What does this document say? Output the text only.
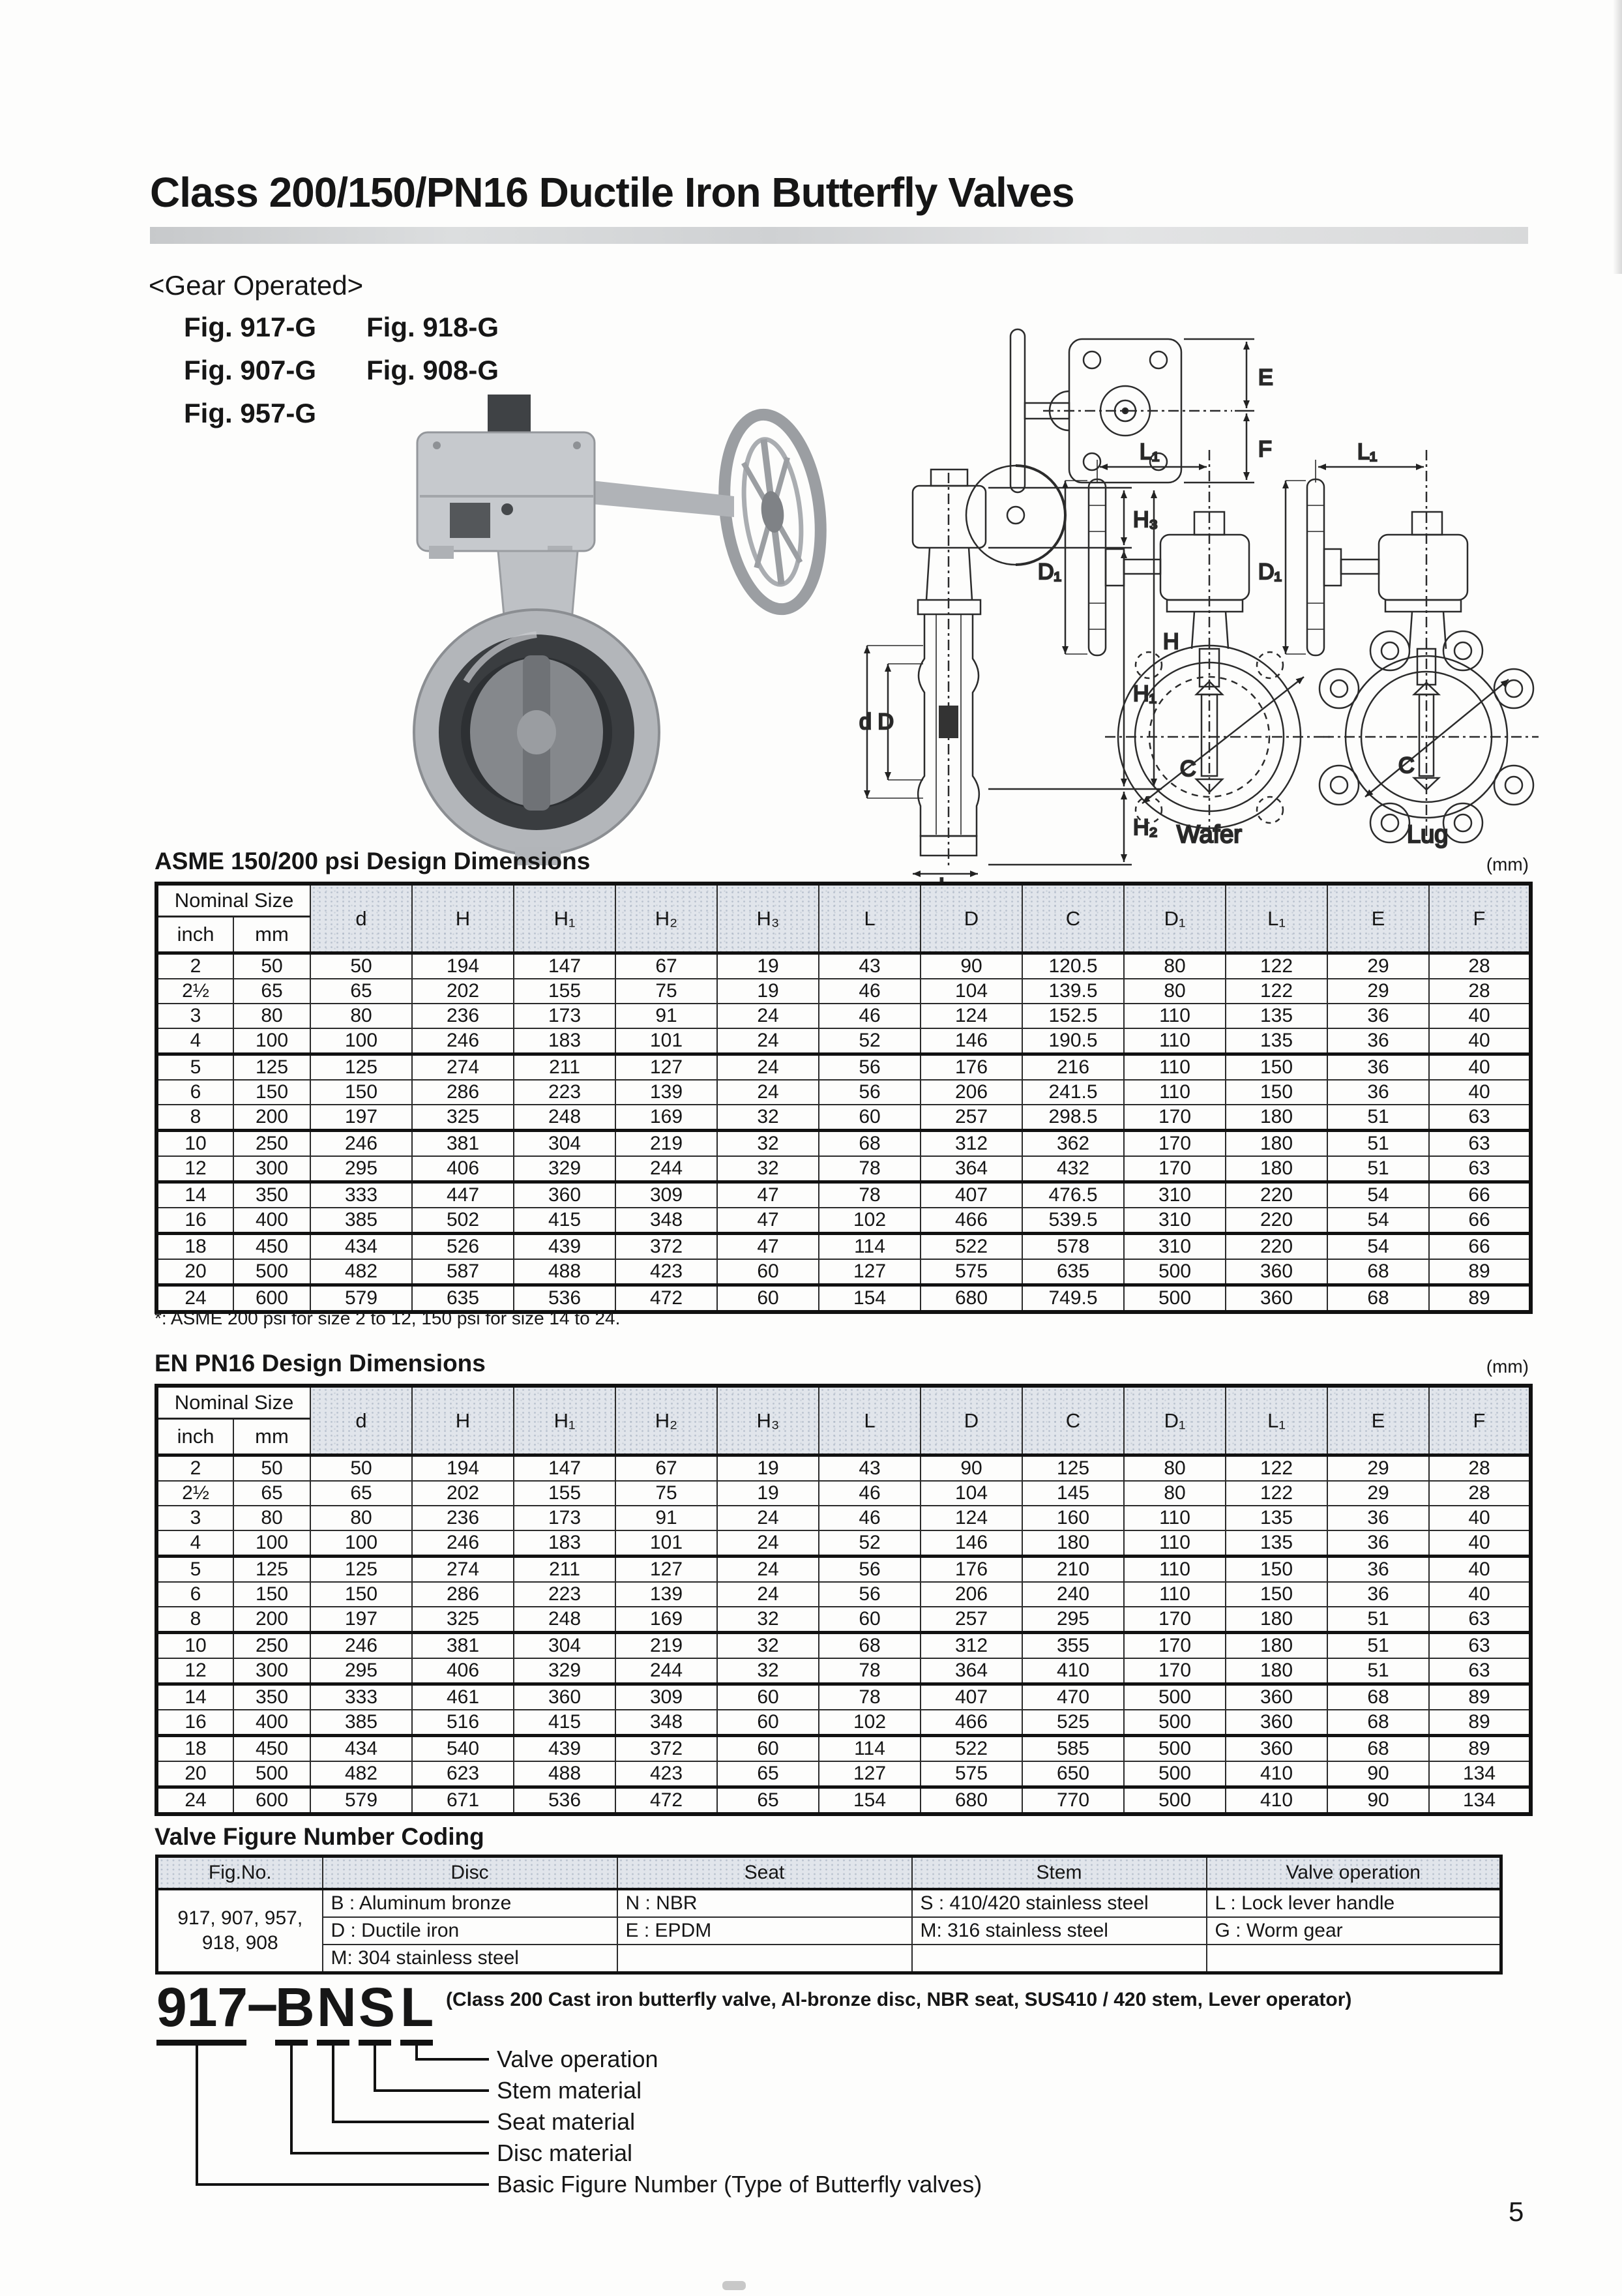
Class 200/150/PN16 Ductile Iron Butterfly Valves
<Gear Operated>
Fig. 917-G
Fig. 907-G
Fig. 957-G
Fig. 918-G
Fig. 908-G	E
F
H₃
H
H₁
H₂
d D
L₁
D₁
C
Wafer
L₁
D₁
C
Lug
ASME 150/200 psi Design Dimensions	(mm)
Nominal Size		d	H	H₁	H₂	H₃	L	D	C	D₁	L₁	E	F
inch	mm												
2	50	50	194	147	67	19	43	90	120.5	80	122	29	28
2½	65	65	202	155	75	19	46	104	139.5	80	122	29	28
3	80	80	236	173	91	24	46	124	152.5	110	135	36	40
4	100	100	246	183	101	24	52	146	190.5	110	135	36	40
5	125	125	274	211	127	24	56	176	216	110	150	36	40
6	150	150	286	223	139	24	56	206	241.5	110	150	36	40
8	200	197	325	248	169	32	60	257	298.5	170	180	51	63
10	250	246	381	304	219	32	68	312	362	170	180	51	63
12	300	295	406	329	244	32	78	364	432	170	180	51	63
14	350	333	447	360	309	47	78	407	476.5	310	220	54	66
16	400	385	502	415	348	47	102	466	539.5	310	220	54	66
18	450	434	526	439	372	47	114	522	578	310	220	54	66
20	500	482	587	488	423	60	127	575	635	500	360	68	89
24	600	579	635	536	472	60	154	680	749.5	500	360	68	89
*: ASME 200 psi for size 2 to 12, 150 psi for size 14 to 24.
EN PN16 Design Dimensions	(mm)
Nominal Size		d	H	H₁	H₂	H₃	L	D	C	D₁	L₁	E	F
inch	mm												
2	50	50	194	147	67	19	43	90	125	80	122	29	28
2½	65	65	202	155	75	19	46	104	145	80	122	29	28
3	80	80	236	173	91	24	46	124	160	110	135	36	40
4	100	100	246	183	101	24	52	146	180	110	135	36	40
5	125	125	274	211	127	24	56	176	210	110	150	36	40
6	150	150	286	223	139	24	56	206	240	110	150	36	40
8	200	197	325	248	169	32	60	257	295	170	180	51	63
10	250	246	381	304	219	32	68	312	355	170	180	51	63
12	300	295	406	329	244	32	78	364	410	170	180	51	63
14	350	333	461	360	309	60	78	407	470	500	360	68	89
16	400	385	516	415	348	60	102	466	525	500	360	68	89
18	450	434	540	439	372	60	114	522	585	500	360	68	89
20	500	482	623	488	423	65	127	575	650	500	410	90	134
24	600	579	671	536	472	65	154	680	770	500	410	90	134
Valve Figure Number Coding
Fig.No.	Disc	Seat	Stem	Valve operation
917, 907, 957, 918, 908	B : Aluminum bronze	N : NBR	S : 410/420 stainless steel	L : Lock lever handle
	D : Ductile iron	E : EPDM	M: 316 stainless steel	G : Worm gear
	M: 304 stainless steel			
917
−
B N S L (Class 200 Cast iron butterfly valve, Al-bronze disc, NBR seat, SUS410 / 420 stem, Lever operator)
Valve operation
Stem material
Seat material
Disc material
Basic Figure Number (Type of Butterfly valves)
5
